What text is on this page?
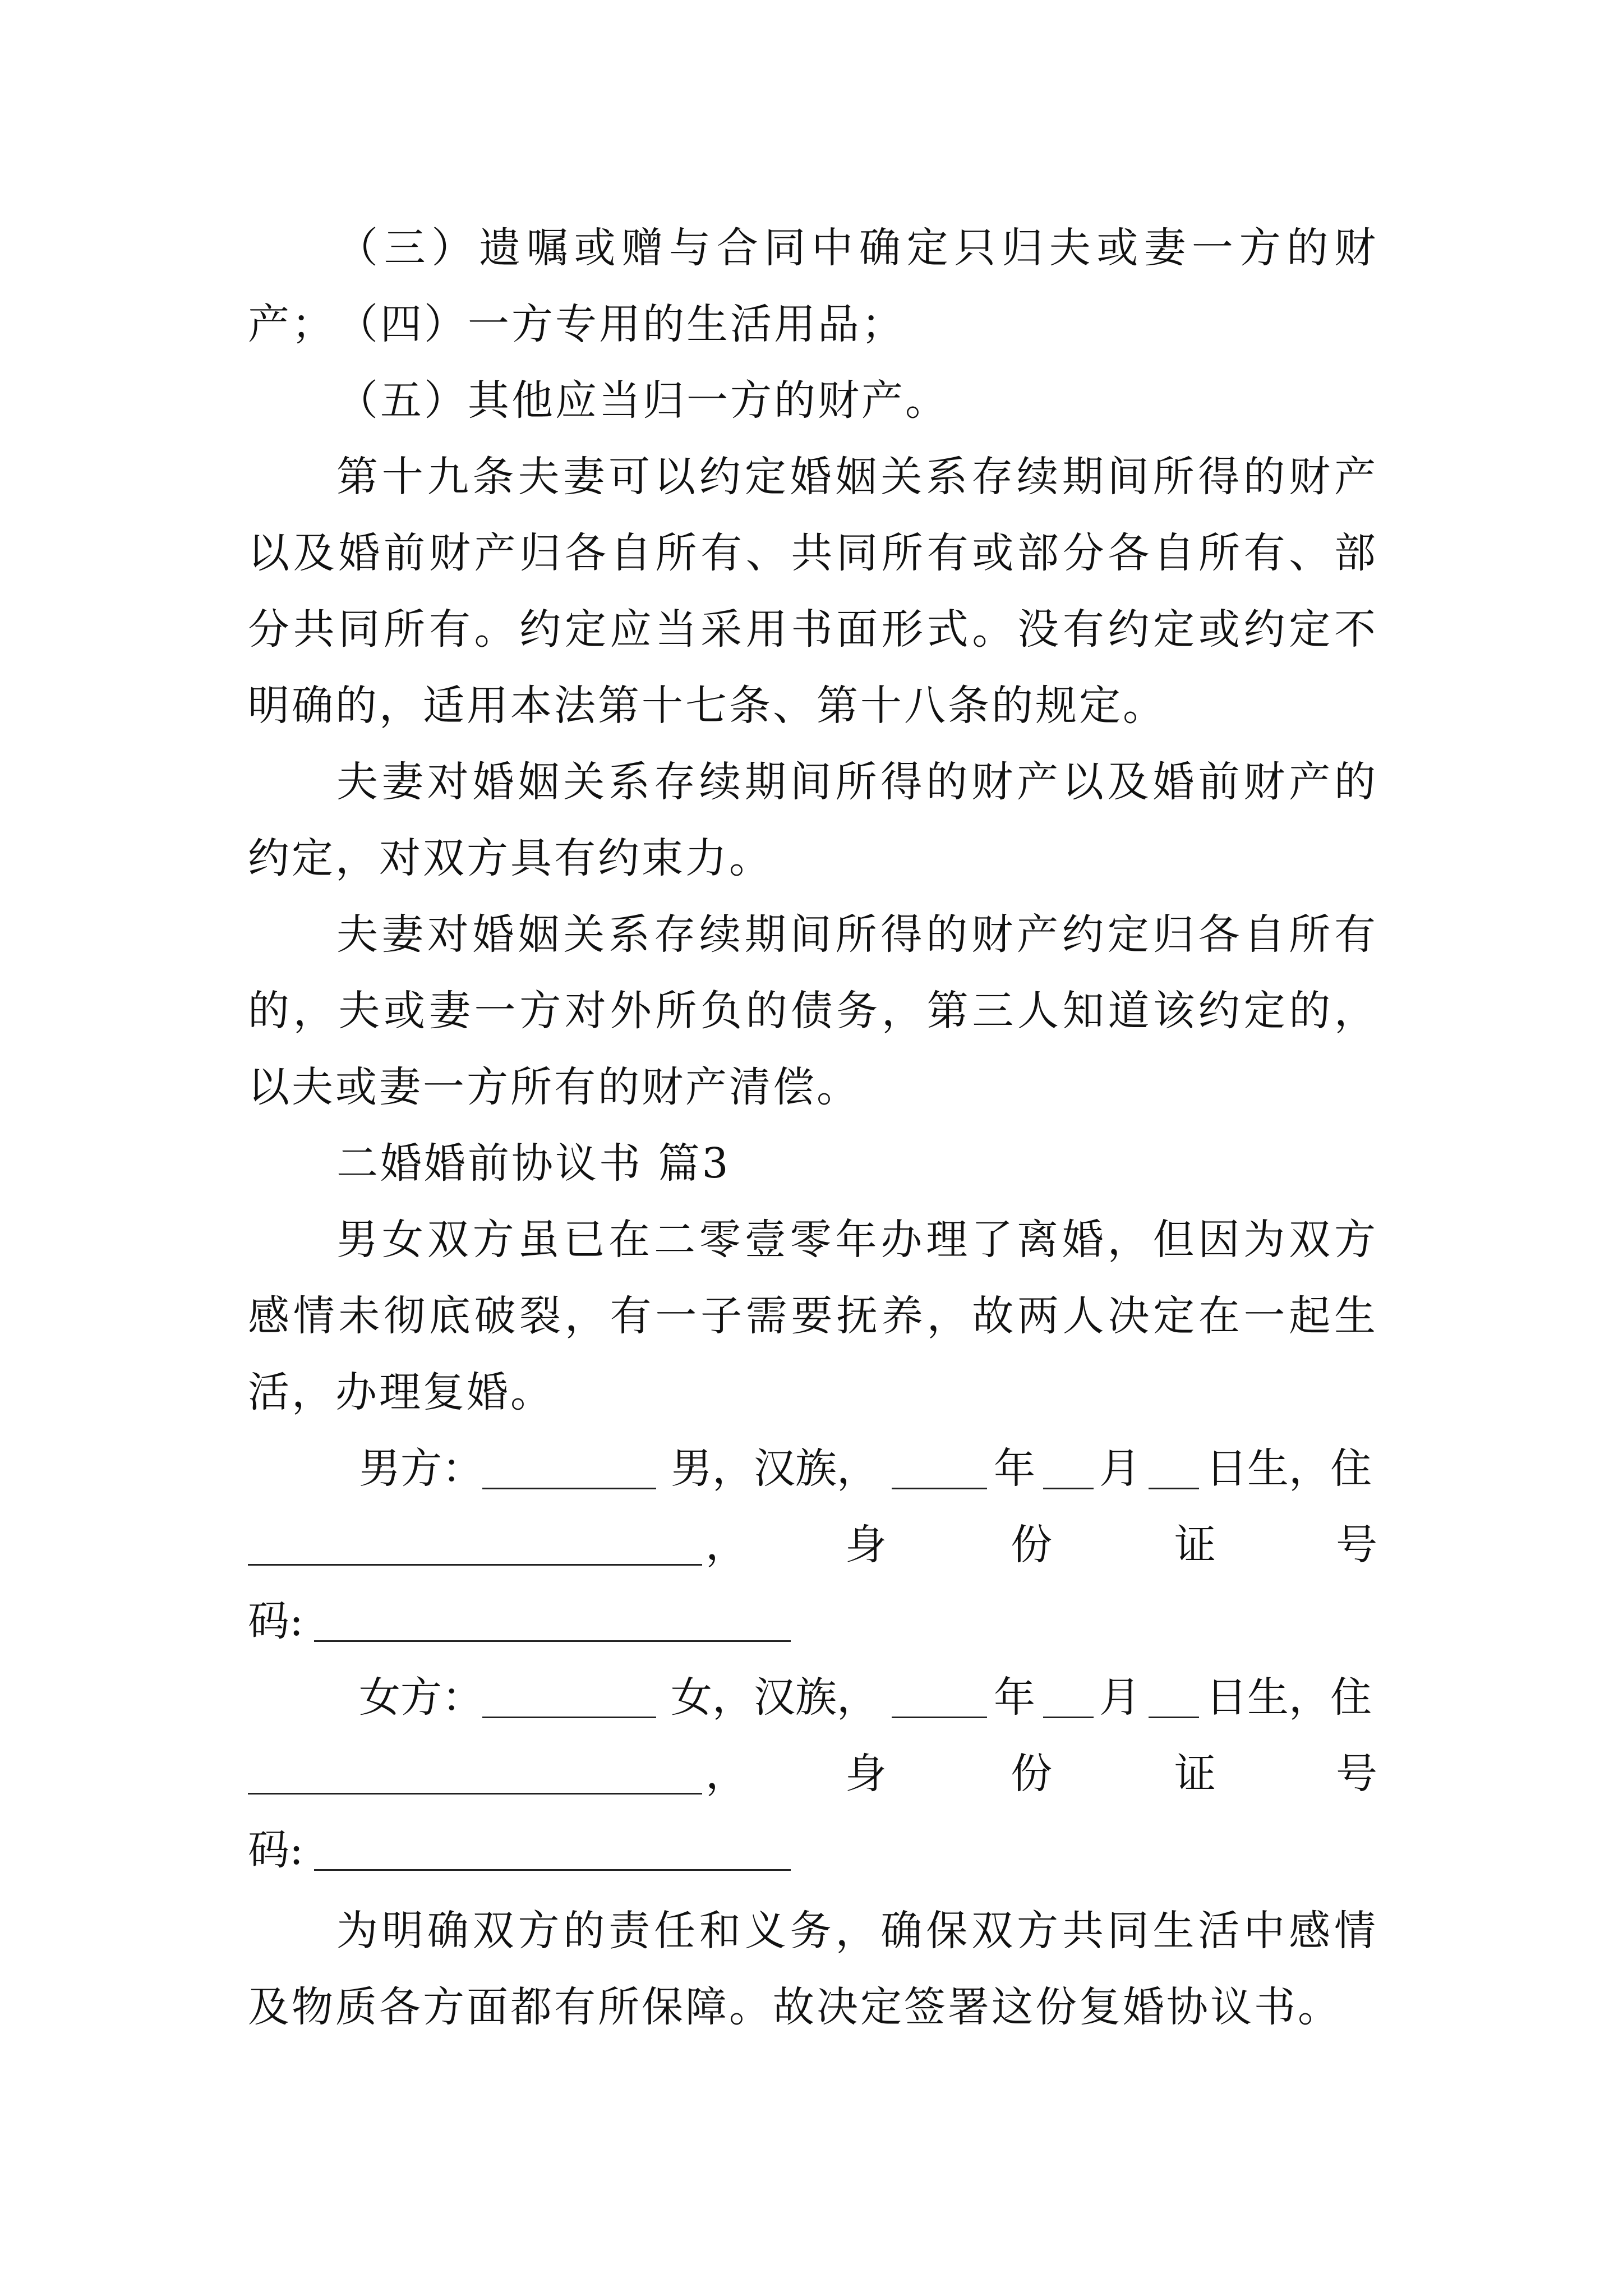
（三）遗嘱或赠与合同中确定只归夫或妻一方的财产； （四）一方专用的生活用品；
（五）其他应当归一方的财产。
第十九条夫妻可以约定婚姻关系存续期间所得的财产以及婚前财产归各自所有、共同所有或部分各自所有、部分共同所有。约定应当采用书面形式。没有约定或约定不明确的，适用本法第十七条、第十八条的规定。
夫妻对婚姻关系存续期间所得的财产以及婚前财产的约定，对双方具有约束力。
夫妻对婚姻关系存续期间所得的财产约定归各自所有的，夫或妻一方对外所负的债务，第三人知道该约定的，以夫或妻一方所有的财产清偿。
二婚婚前协议书 篇3
男女双方虽已在二零壹零年办理了离婚，但因为双方感情未彻底破裂，有一子需要抚养，故两人决定在一起生活，办理复婚。
男方：	男，汉族，	年 月 日生，住
， 身	份	证	号
码:
女方：	女，汉族，	年 月 日生，住
， 身	份	证	号
码:
为明确双方的责任和义务，确保双方共同生活中感情及物质各方面都有所保障。故决定签署这份复婚协议书。
